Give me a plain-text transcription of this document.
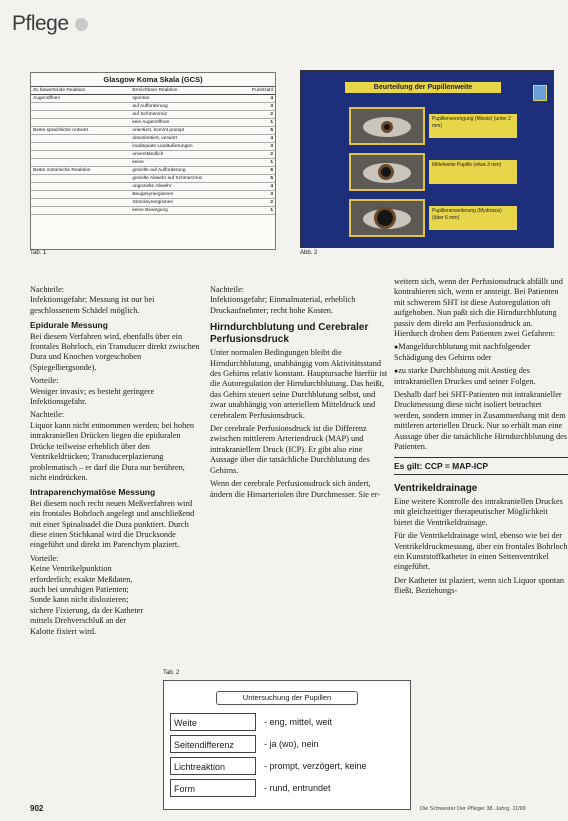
Pflege
Glasgow Koma Skala (GCS)
Zu bewertende Reaktion	Erreichbare Reaktion	Punktzahl
Augenöffnen	spontan	4
	auf Aufforderung	3
	auf Schmerzreiz	2
	kein Augenöffnen	1
Beste sprachliche Antwort	orientiert, kommt prompt	5
	desorientiert, verwirrt	4
	inadäquate Lautäußerungen	3
	unverständlich	2
	keine	1
Beste motorische Reaktion	gezielte auf Aufforderung	6
	gezielte Abwehr auf Schmerzreiz	5
	ungezielte Abwehr	4
	Beugesynergismen	3
	Strecksynergismen	2
	keine Bewegung	1
Tab. 1
Beurteilung der Pupillenweite
Pupillenverengung (Miosis) (unter 2 mm)
Mittelweite Pupille (etwa 3 mm)
Pupillenerweiterung (Mydriasis) (über 6 mm)
Abb. 2

Nachteile:
Infektionsgefahr; Messung ist nur bei geschlossenem Schädel möglich.

Epidurale Messung

Bei diesem Verfahren wird, ebenfalls über ein frontales Bohrloch, ein Transducer direkt zwischen Dura und Knochen vorgeschoben (Spiegelbergsonde).

Vorteile:
Weniger invasiv; es besteht geringere Infektionsgefahr.

Nachteile:
Liquor kann nicht entnommen werden; bei hohen intrakraniellen Drücken liegen die epiduralen Drücke teilweise erheblich über den Ventrikeldrücken; Transducerplazierung problematisch – er darf die Dura nur berühren, nicht eindrücken.

Intraparenchymatöse Messung

Bei diesem noch recht neuen Meßverfahren wird ein frontales Bohrloch angelegt und anschließend mit einer Spinalnadel die Dura punktiert. Durch diese einen Stichkanal wird die Drucksonde eingeführt und direkt im Parenchym plaziert.

Vorteile:
Keine Ventrikelpunktion erforderlich; exakte Meßdaten, auch bei unruhigen Patienten; Sonde kann nicht dislozieren; sichere Fixierung, da der Katheter mittels Drehverschluß an der Kalotte fixiert wird.

Nachteile:
Infektionsgefahr; Einmalmaterial, erheblich Druckaufnehmer; recht hohe Kosten.

Hirndurchblutung und Cerebraler Perfusionsdruck

Unter normalen Bedingungen bleibt die Hirndurchblutung, unabhängig vom Aktivitätsstand des Gehirns relativ konstant. Hauptursache hierfür ist die Autoregulation der Hirndurchblutung. Das heißt, das Gehirn steuert seine Durchblutung selbst, und zwar unabhängig von arteriellem Mitteldruck und cerebralem Perfusionsdruck.

Der cerebrale Perfusionsdruck ist die Differenz zwischen mittlerem Arteriendruck (MAP) und intrakraniellem Druck (ICP). Er gibt also eine Aussage über die tatsächliche Durchblutung des Gehirns.

Wenn der cerebrale Perfusionsdruck sich ändert, ändern die Hirnarteriolen ihre Durchmesser. Sie er-

weitern sich, wenn der Perfusionsdruck abfällt und kontrahieren sich, wenn er ansteigt. Bei Patienten mit schwerem SHT ist diese Autoregulation oft aufgehoben. Nun paßt sich die Hirndurchblutung passiv dem direkt am Perfusionsdruck an. Hierdurch drohen dem Patienten zwei Gefahren:

● Mangeldurchblutung mit nachfolgender Schädigung des Gehirns oder

● zu starke Durchblutung mit Anstieg des intrakraniellen Druckes und seiner Folgen.

Deshalb darf bei SHT-Patienten mit intrakranieller Druckmessung diese nicht isoliert betrachtet werden, sondern immer in Zusammenhang mit dem mittleren arteriellen Druck. Nur so erhält man eine Aussage über die tatsächliche Hirndurchblutung des Patienten.

Es gilt: CCP = MAP-ICP
Ventrikeldrainage

Eine weitere Kontrolle des intrakraniellen Druckes mit gleichzeitiger therapeutischer Möglichkeit bietet die Ventrikeldrainage.

Für die Ventrikeldrainage wird, ebenso wie bei der Ventrikeldruckmessung, über ein frontales Bohrloch ein Kunststoffkatheter in einen Seitenventrikel eingeführt.

Der Katheter ist plaziert, wenn sich Liquor spontan fließt. Beziehungs-

Tab. 2
Untersuchung der Pupillen
Weite	- eng, mittel, weit
Seitendifferenz	- ja (wo), nein
Lichtreaktion	- prompt, verzögert, keine
Form	- rund, entrundet
902	Die Schwester Der Pfleger 38. Jahrg. 11/99
